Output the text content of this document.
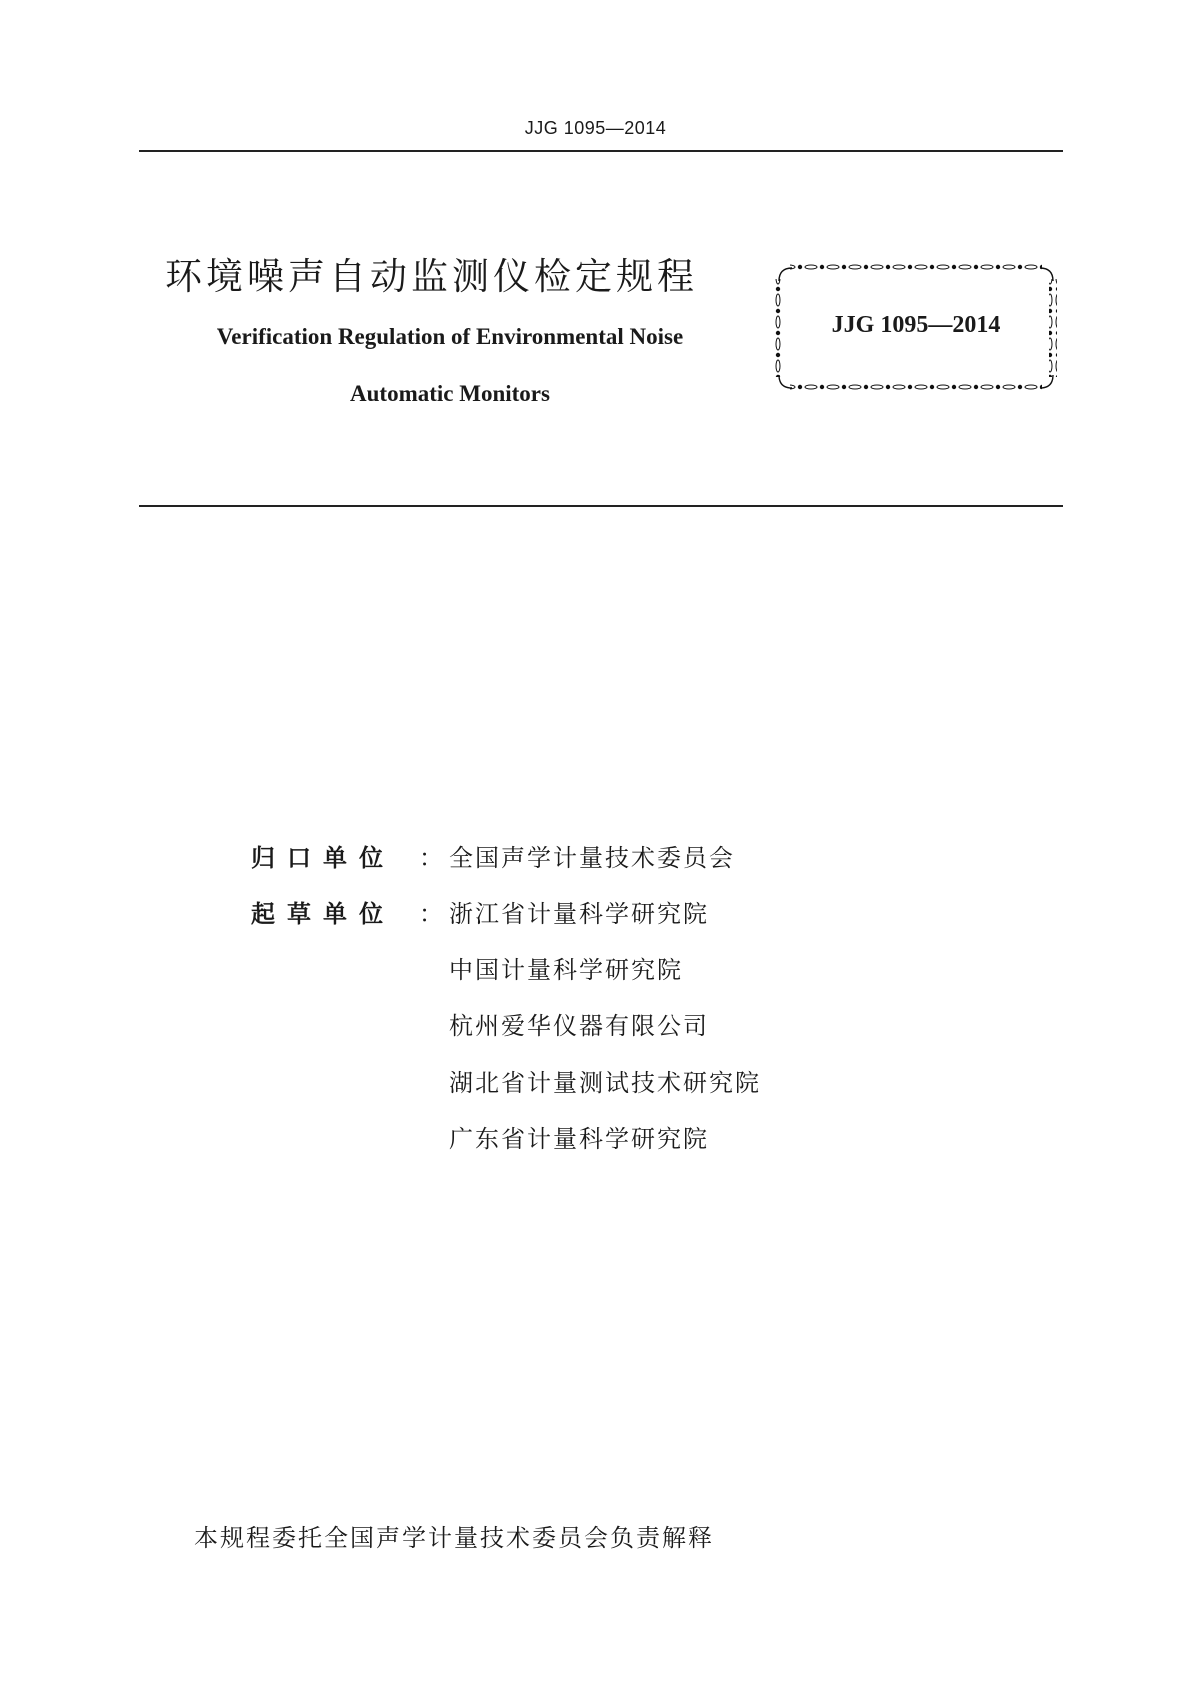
JJG 1095—2014
环境噪声自动监测仪检定规程
Verification Regulation of Environmental Noise
Automatic Monitors
JJG 1095—2014
归 口 单 位	： 全国声学计量技术委员会
起 草 单 位	： 浙江省计量科学研究院
中国计量科学研究院
杭州爱华仪器有限公司
湖北省计量测试技术研究院
广东省计量科学研究院
本规程委托全国声学计量技术委员会负责解释
